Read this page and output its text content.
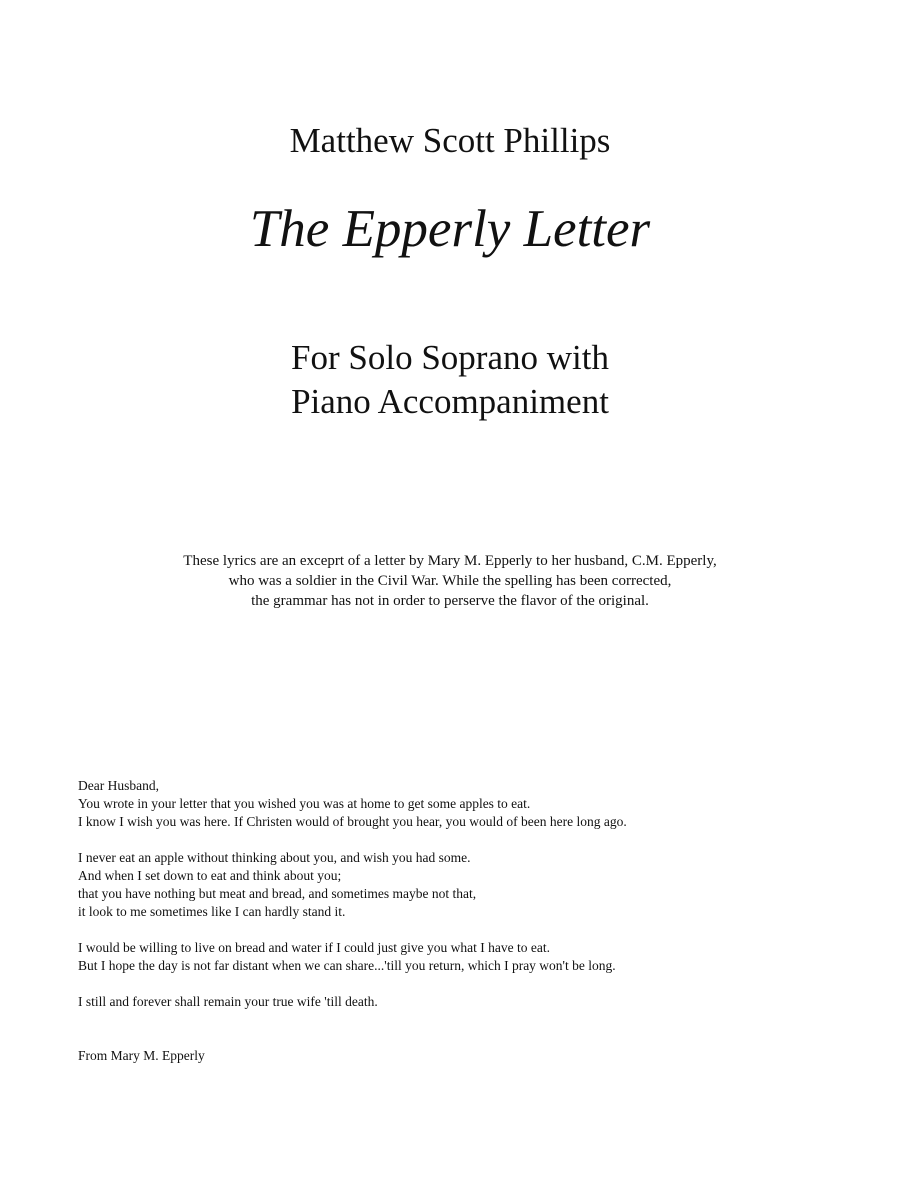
Matthew Scott Phillips
The Epperly Letter
For Solo Soprano with
Piano Accompaniment
These lyrics are an exceprt of a letter by Mary M. Epperly to her husband, C.M. Epperly,
who was a soldier in the Civil War. While the spelling has been corrected,
the grammar has not in order to perserve the flavor of the original.
Dear Husband,
You wrote in your letter that you wished you was at home to get some apples to eat.
I know I wish you was here. If Christen would of brought you hear, you would of been here long ago.
I never eat an apple without thinking about you, and wish you had some.
And when I set down to eat and think about you;
that you have nothing but meat and bread, and sometimes maybe not that,
it look to me sometimes like I can hardly stand it.
I would be willing to live on bread and water if I could just give you what I have to eat.
But I hope the day is not far distant when we can share...'till you return, which I pray won't be long.
I still and forever shall remain your true wife 'till death.
From Mary M. Epperly
